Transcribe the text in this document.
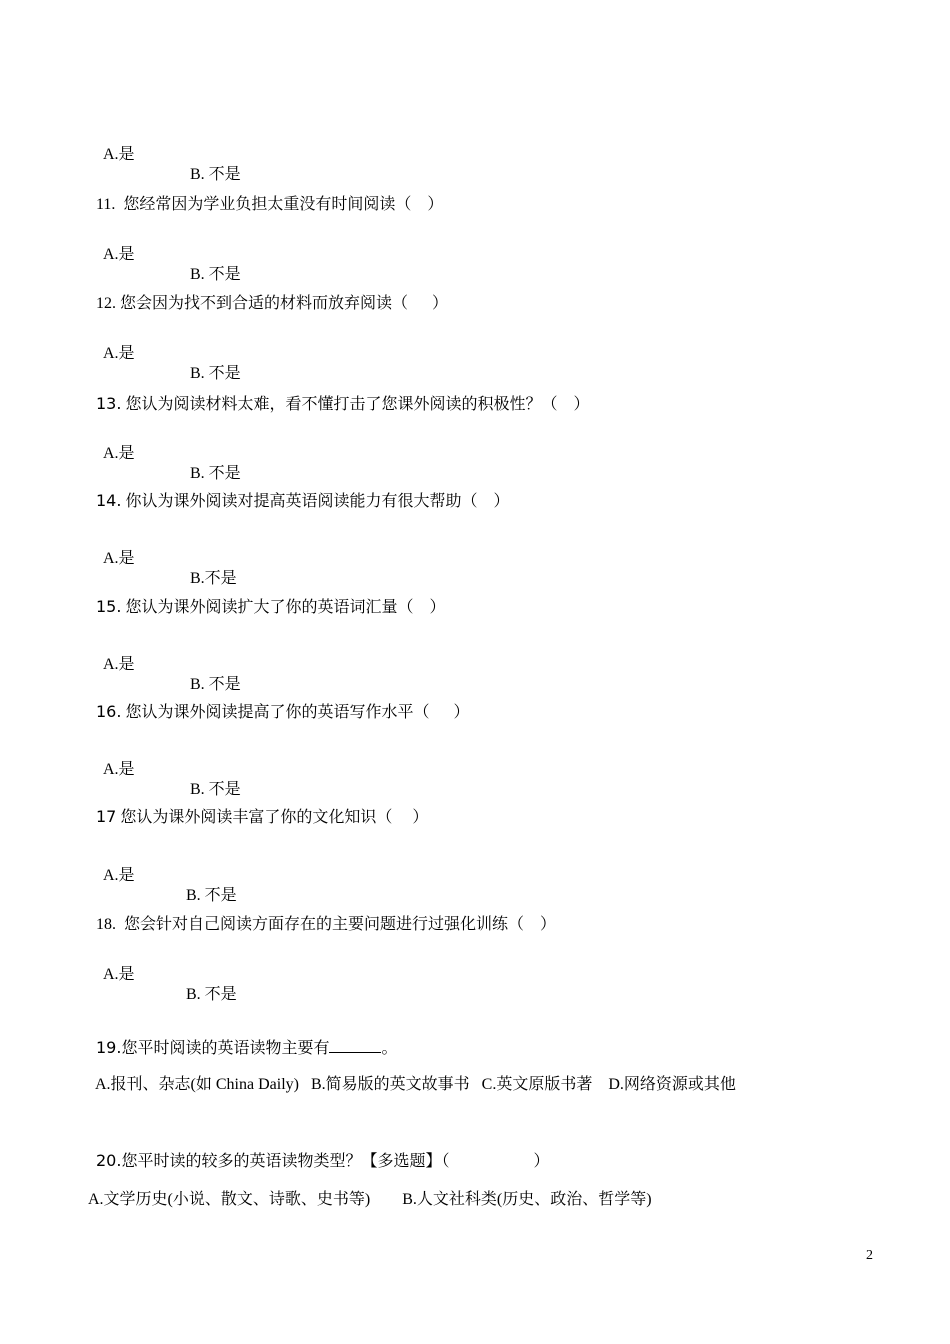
A.是

B. 不是

11. 您经常因为学业负担太重没有时间阅读（    ）

A.是

B. 不是

12. 您会因为找不到合适的材料而放弃阅读（      ）

A.是

B. 不是

13. 您认为阅读材料太难，看不懂打击了您课外阅读的积极性？（    ）

A.是

B. 不是

14. 你认为课外阅读对提高英语阅读能力有很大帮助（    ）

A.是

B.不是

15. 您认为课外阅读扩大了你的英语词汇量（    ）

A.是

B. 不是

16. 您认为课外阅读提高了你的英语写作水平（      ）

A.是

B. 不是

17 您认为课外阅读丰富了你的文化知识（     ）

A.是

B. 不是

18. 您会针对自己阅读方面存在的主要问题进行过强化训练（    ）

A.是

B. 不是

19.您平时阅读的英语读物主要有	。

A.报刊、杂志(如 China Daily)   B.简易版的英文故事书   C.英文原版书著    D.网络资源或其他

20.您平时读的较多的英语读物类型？【多选题】（                     ）

A.文学历史(小说、散文、诗歌、史书等)        B.人文社科类(历史、政治、哲学等)
2
